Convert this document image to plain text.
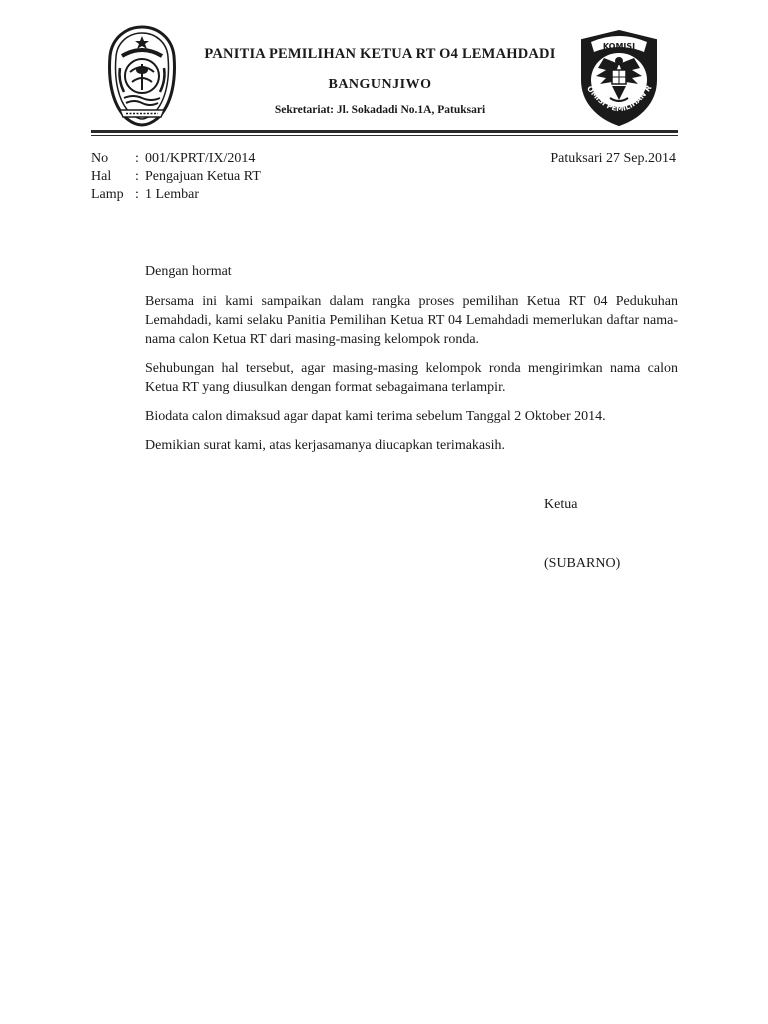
PANITIA PEMILIHAN KETUA RT O4 LEMAHDADI
BANGUNJIWO
Sekretariat: Jl. Sokadadi No.1A, Patuksari
KOMISI
OMISI PEMILIHAN R
No	: 001/KPRT/IX/2014
Hal	: Pengajuan Ketua RT
Lamp : 1 Lembar
Patuksari 27 Sep.2014

Dengan hormat

Bersama ini kami sampaikan dalam rangka proses pemilihan Ketua RT 04 Pedukuhan Lemahdadi, kami selaku Panitia Pemilihan Ketua RT 04 Lemahdadi memerlukan daftar nama-nama calon Ketua RT dari masing-masing kelompok ronda.

Sehubungan hal tersebut, agar masing-masing kelompok ronda mengirimkan nama calon Ketua RT yang diusulkan dengan format sebagaimana terlampir.

Biodata calon dimaksud agar dapat kami terima sebelum Tanggal 2 Oktober 2014.

Demikian surat kami, atas kerjasamanya diucapkan terimakasih.

Ketua
(SUBARNO)
